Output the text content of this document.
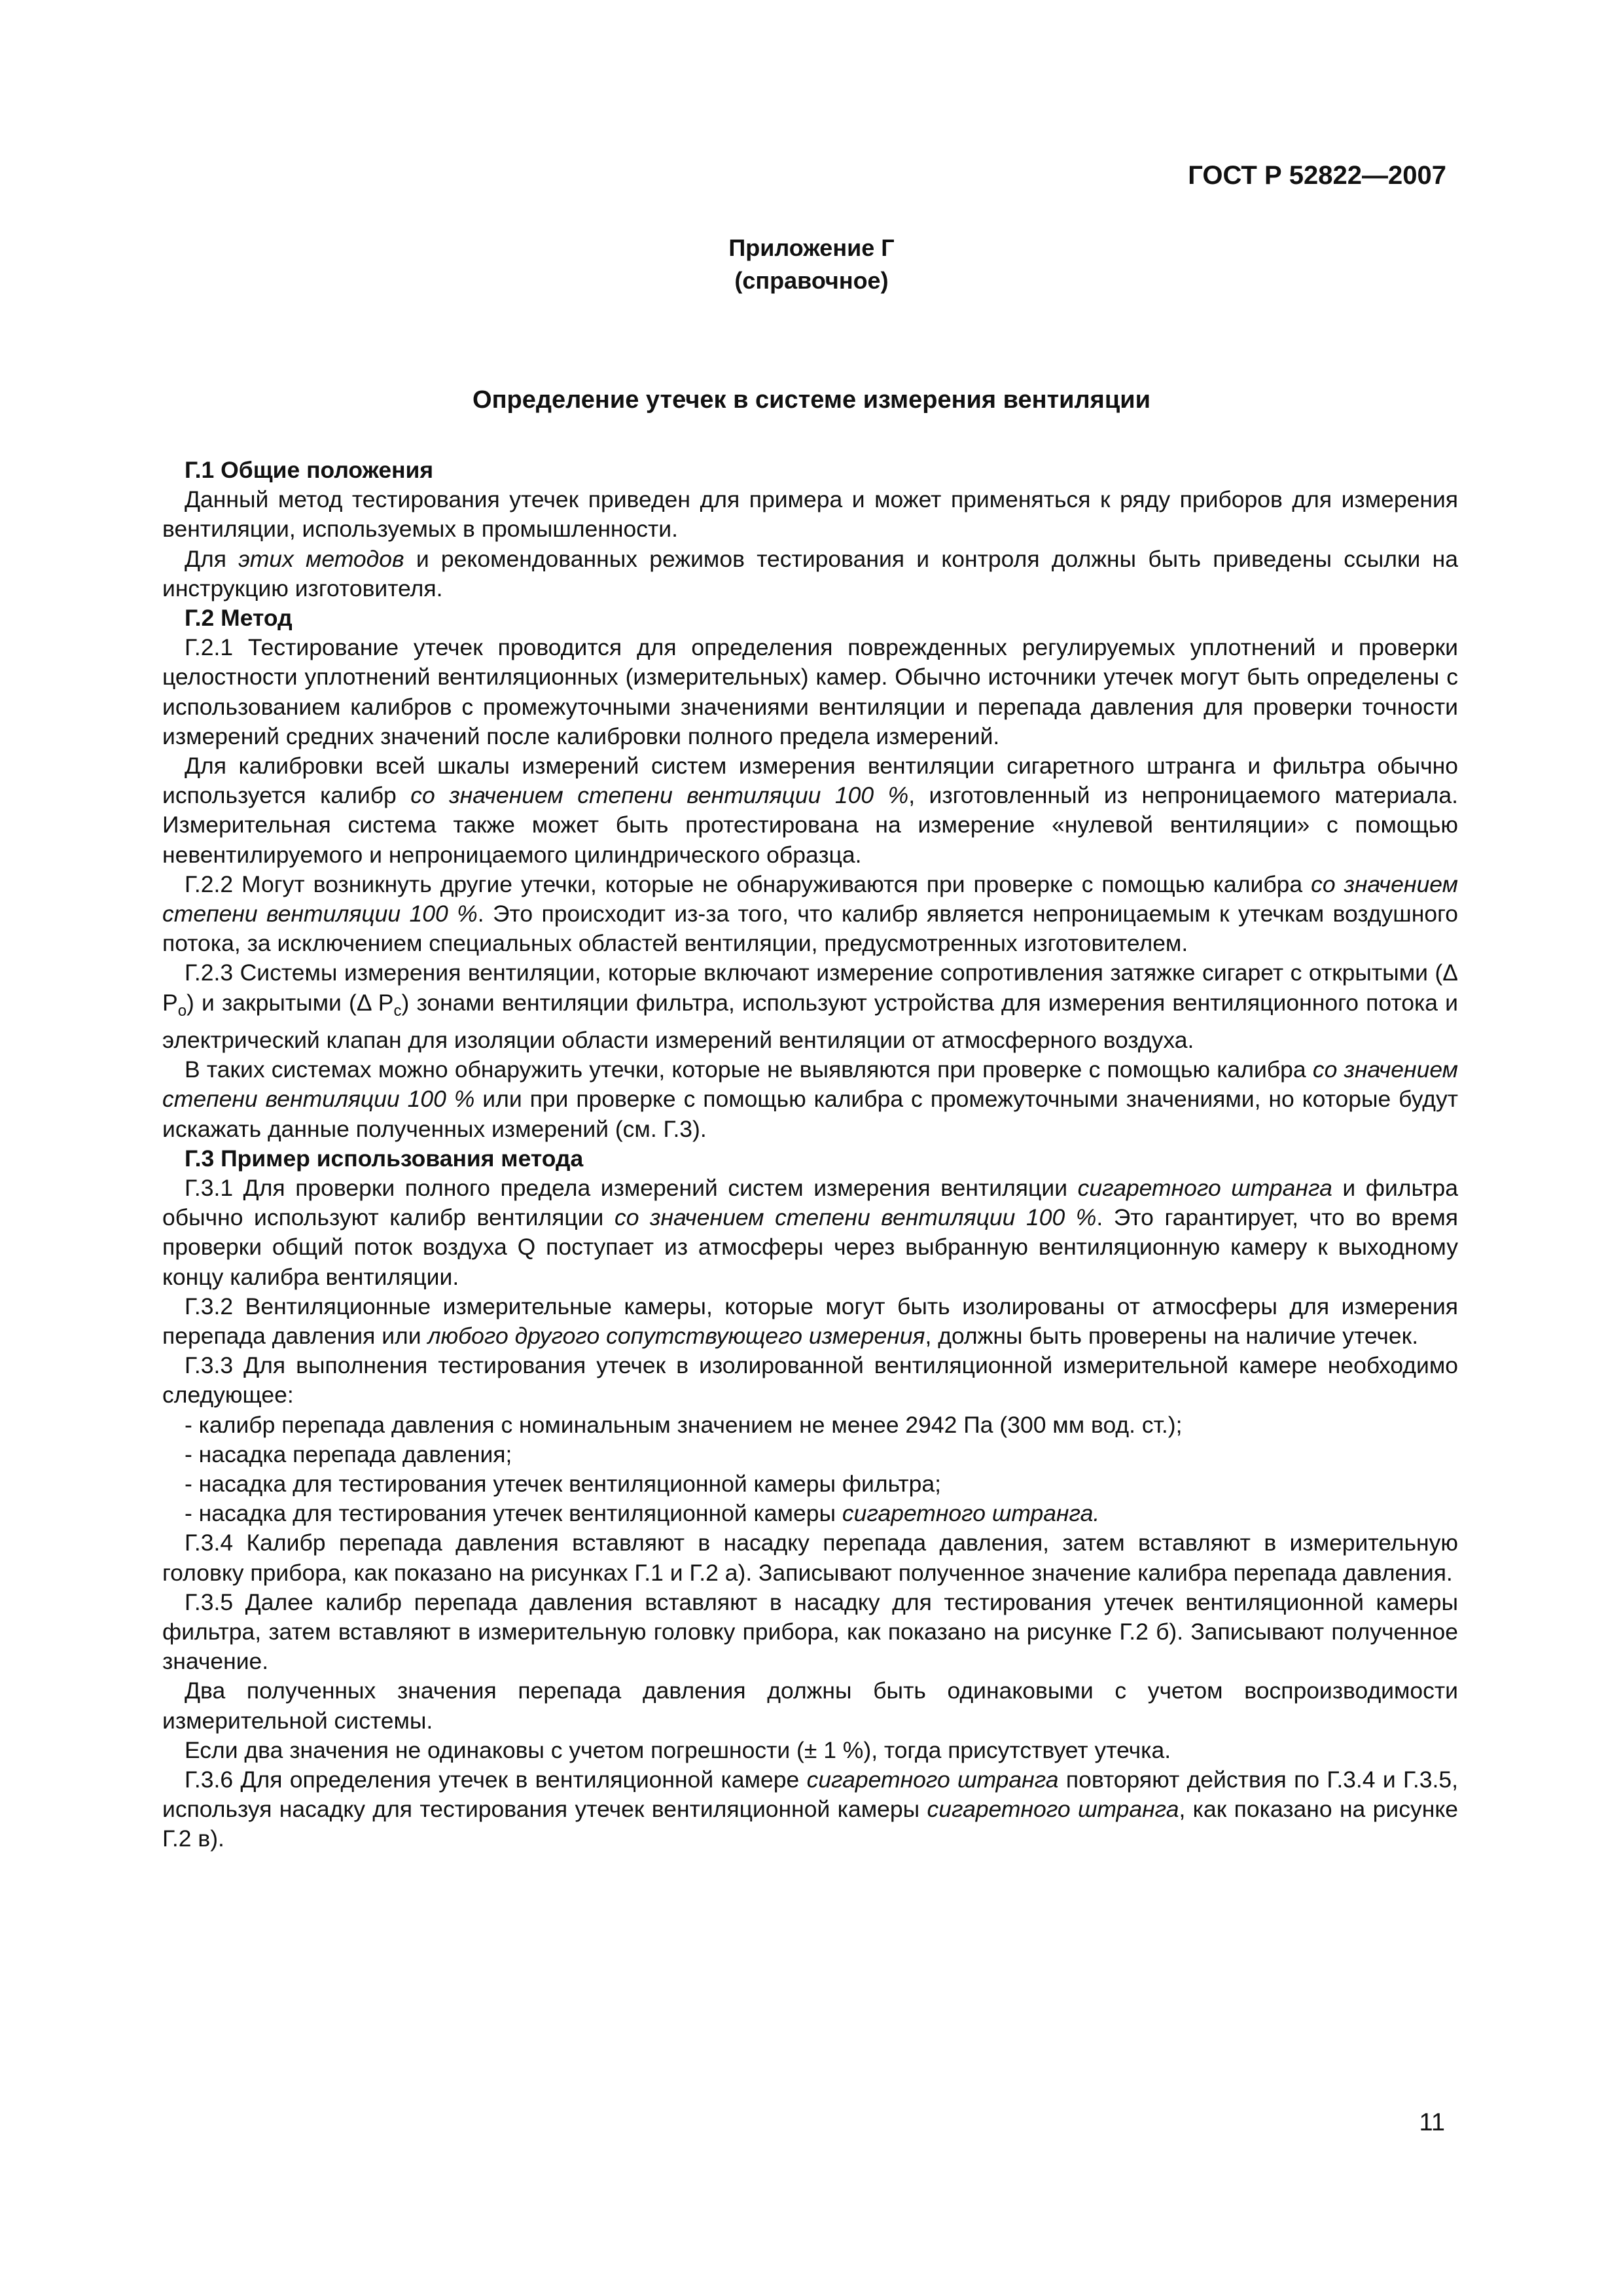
ГОСТ Р 52822—2007
Приложение Г
(справочное)
Определение утечек в системе измерения вентиляции

Г.1 Общие положения

Данный метод тестирования утечек приведен для примера и может применяться к ряду приборов для измерения вентиляции, используемых в промышленности.

Для этих методов и рекомендованных режимов тестирования и контроля должны быть приведены ссылки на инструкцию изготовителя.

Г.2 Метод

Г.2.1 Тестирование утечек проводится для определения поврежденных регулируемых уплотнений и проверки целостности уплотнений вентиляционных (измерительных) камер. Обычно источники утечек могут быть определены с использованием калибров с промежуточными значениями вентиляции и перепада давления для проверки точности измерений средних значений после калибровки полного предела измерений.

Для калибровки всей шкалы измерений систем измерения вентиляции сигаретного штранга и фильтра обычно используется калибр со значением степени вентиляции 100 %, изготовленный из непроницаемого материала. Измерительная система также может быть протестирована на измерение «нулевой вентиляции» с помощью невентилируемого и непроницаемого цилиндрического образца.

Г.2.2 Могут возникнуть другие утечки, которые не обнаруживаются при проверке с помощью калибра со значением степени вентиляции 100 %. Это происходит из-за того, что калибр является непроницаемым к утечкам воздушного потока, за исключением специальных областей вентиляции, предусмотренных изготовителем.

Г.2.3 Системы измерения вентиляции, которые включают измерение сопротивления затяжке сигарет с открытыми (Δ $P_o$) и закрытыми (Δ $P_c$) зонами вентиляции фильтра, используют устройства для измерения вентиляционного потока и электрический клапан для изоляции области измерений вентиляции от атмосферного воздуха.

В таких системах можно обнаружить утечки, которые не выявляются при проверке с помощью калибра со значением степени вентиляции 100 % или при проверке с помощью калибра с промежуточными значениями, но которые будут искажать данные полученных измерений (см. Г.3).

Г.3 Пример использования метода

Г.3.1 Для проверки полного предела измерений систем измерения вентиляции сигаретного штранга и фильтра обычно используют калибр вентиляции со значением степени вентиляции 100 %. Это гарантирует, что во время проверки общий поток воздуха Q поступает из атмосферы через выбранную вентиляционную камеру к выходному концу калибра вентиляции.

Г.3.2 Вентиляционные измерительные камеры, которые могут быть изолированы от атмосферы для измерения перепада давления или любого другого сопутствующего измерения, должны быть проверены на наличие утечек.

Г.3.3 Для выполнения тестирования утечек в изолированной вентиляционной измерительной камере необходимо следующее:

- калибр перепада давления с номинальным значением не менее 2942 Па (300 мм вод. ст.);

- насадка перепада давления;

- насадка для тестирования утечек вентиляционной камеры фильтра;

- насадка для тестирования утечек вентиляционной камеры сигаретного штранга.

Г.3.4 Калибр перепада давления вставляют в насадку перепада давления, затем вставляют в измерительную головку прибора, как показано на рисунках Г.1 и Г.2 а). Записывают полученное значение калибра перепада давления.

Г.3.5 Далее калибр перепада давления вставляют в насадку для тестирования утечек вентиляционной камеры фильтра, затем вставляют в измерительную головку прибора, как показано на рисунке Г.2 б). Записывают полученное значение.

Два полученных значения перепада давления должны быть одинаковыми с учетом воспроизводимости измерительной системы.

Если два значения не одинаковы с учетом погрешности (± 1 %), тогда присутствует утечка.

Г.3.6 Для определения утечек в вентиляционной камере сигаретного штранга повторяют действия по Г.3.4 и Г.3.5, используя насадку для тестирования утечек вентиляционной камеры сигаретного штранга, как показано на рисунке Г.2 в).

11
